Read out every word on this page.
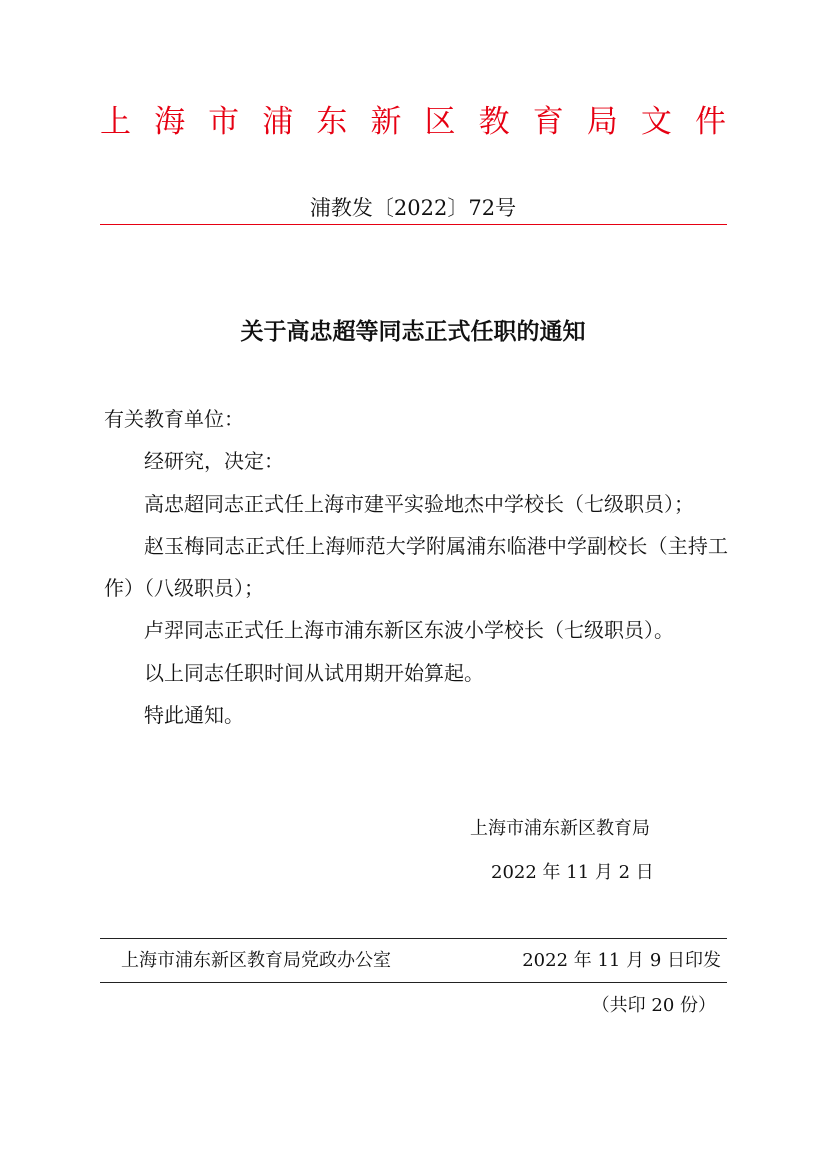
上海市浦东新区教育局文件
浦教发〔2022〕72号
关于高忠超等同志正式任职的通知

有关教育单位：

经研究，决定：

高忠超同志正式任上海市建平实验地杰中学校长（七级职员）；

赵玉梅同志正式任上海师范大学附属浦东临港中学副校长（主持工作）（八级职员）；

卢羿同志正式任上海市浦东新区东波小学校长（七级职员）。

以上同志任职时间从试用期开始算起。

特此通知。

上海市浦东新区教育局
2022 年 11 月 2 日
上海市浦东新区教育局党政办公室	2022 年 11 月 9 日印发
（共印 20 份）
